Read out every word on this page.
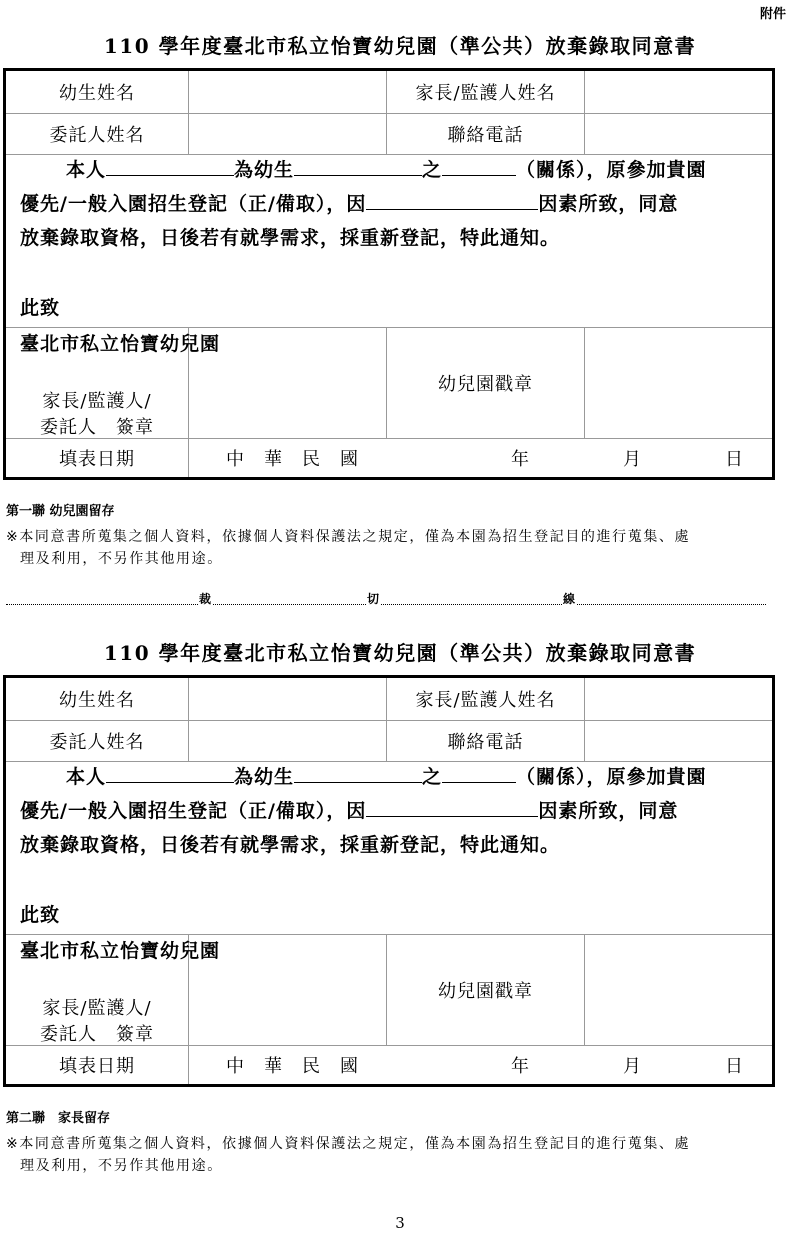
附件
110 學年度臺北市私立怡寶幼兒園（準公共）放棄錄取同意書
幼生姓名	家長/監護人姓名
委託人姓名	聯絡電話
本人	為幼生	之	（關係），原參加貴園
優先/一般入園招生登記（正/備取），因	因素所致，同意
放棄錄取資格，日後若有就學需求，採重新登記，特此通知。
此致
臺北市私立怡寶幼兒園
家長/監護人/
委託人　簽章
幼兒園戳章
填表日期	中　華　民　國	年	月	日
第一聯 幼兒園留存
※本同意書所蒐集之個人資料，依據個人資料保護法之規定，僅為本園為招生登記目的進行蒐集、處
理及利用，不另作其他用途。
裁	切	線
110 學年度臺北市私立怡寶幼兒園（準公共）放棄錄取同意書
幼生姓名	家長/監護人姓名
委託人姓名	聯絡電話
本人	為幼生	之	（關係），原參加貴園
優先/一般入園招生登記（正/備取），因	因素所致，同意
放棄錄取資格，日後若有就學需求，採重新登記，特此通知。
此致
臺北市私立怡寶幼兒園
家長/監護人/
委託人　簽章
幼兒園戳章
填表日期	中　華　民　國	年	月	日
第二聯　家長留存
※本同意書所蒐集之個人資料，依據個人資料保護法之規定，僅為本園為招生登記目的進行蒐集、處
理及利用，不另作其他用途。
3
